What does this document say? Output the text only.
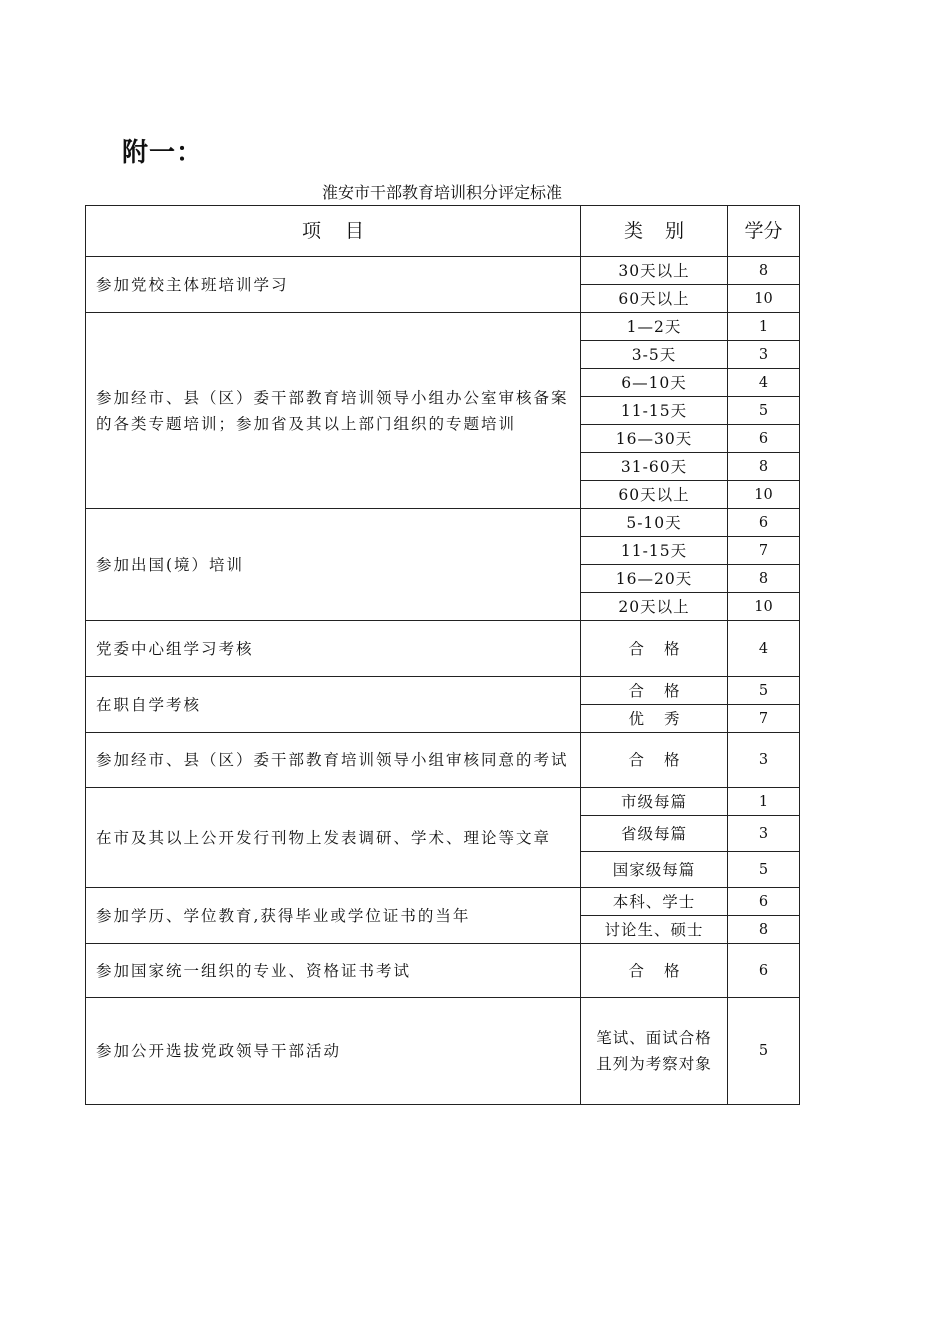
附一：
淮安市干部教育培训积分评定标准
项目	类别	学分
参加党校主体班培训学习	30天以上	8
	60天以上	10
参加经市、县（区）委干部教育培训领导小组办公室审核备案的各类专题培训；参加省及其以上部门组织的专题培训	1—2天	1
	3-5天	3
	6—10天	4
	11-15天	5
	16—30天	6
	31-60天	8
	60天以上	10
参加出国(境）培训	5-10天	6
	11-15天	7
	16—20天	8
	20天以上	10
党委中心组学习考核	合格	4
在职自学考核	合格	5
	优秀	7
参加经市、县（区）委干部教育培训领导小组审核同意的考试	合格	3
在市及其以上公开发行刊物上发表调研、学术、理论等文章	市级每篇	1
	省级每篇	3
	国家级每篇	5
参加学历、学位教育,获得毕业或学位证书的当年	本科、学士	6
	讨论生、硕士	8
参加国家统一组织的专业、资格证书考试	合格	6
参加公开选拔党政领导干部活动	笔试、面试合格且列为考察对象	5
